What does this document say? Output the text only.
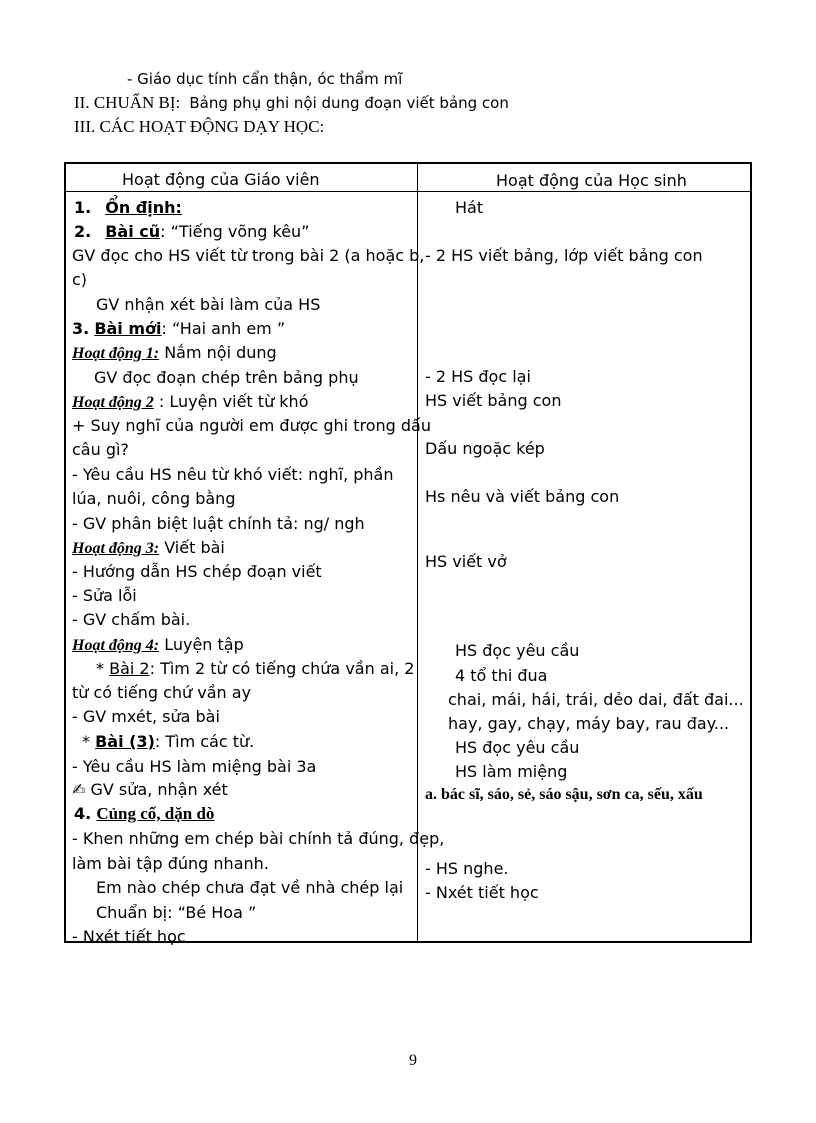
- Giáo dục tính cẩn thận, óc thẩm mĩ
II. CHUẨN BỊ: Bảng phụ ghi nội dung đoạn viết bảng con
III. CÁC HOẠT ĐỘNG DẠY HỌC:
Hoạt động của Giáo viên	Hoạt động của Học sinh
1. Ổn định:
2. Bài cũ: “Tiếng võng kêu”
GV đọc cho HS viết từ trong bài 2 (a hoặc b,
c)
GV nhận xét bài làm của HS
3. Bài mới: “Hai anh em ”
Hoạt động 1: Nắm nội dung
GV đọc đoạn chép trên bảng phụ
Hoạt động 2 : Luyện viết từ khó
+ Suy nghĩ của người em được ghi trong dấu
câu gì?
- Yêu cầu HS nêu từ khó viết: nghĩ, phần
lúa, nuôi, công bằng
- GV phân biệt luật chính tả: ng/ ngh
Hoạt động 3: Viết bài
- Hướng dẫn HS chép đoạn viết
- Sửa lỗi
- GV chấm bài.
Hoạt động 4: Luyện tập
* Bài 2: Tìm 2 từ có tiếng chứa vần ai, 2
từ có tiếng chứ vần ay
- GV mxét, sửa bài
* Bài (3): Tìm các từ.
- Yêu cầu HS làm miệng bài 3a
✍ GV sửa, nhận xét
4. Củng cố, dặn dò
- Khen những em chép bài chính tả đúng, đẹp,
làm bài tập đúng nhanh.
Em nào chép chưa đạt về nhà chép lại
Chuẩn bị: “Bé Hoa ”
- Nxét tiết học
Hát
- 2 HS viết bảng, lớp viết bảng con
- 2 HS đọc lại
HS viết bảng con
Dấu ngoặc kép
Hs nêu và viết bảng con
HS viết vở
HS đọc yêu cầu
4 tổ thi đua
chai, mái, hái, trái, dẻo dai, đất đai...
hay, gay, chạy, máy bay, rau đay...
HS đọc yêu cầu
HS làm miệng
a. bác sĩ, sáo, sẻ, sáo sậu, sơn ca, sếu, xấu
- HS nghe.
- Nxét tiết học
9
